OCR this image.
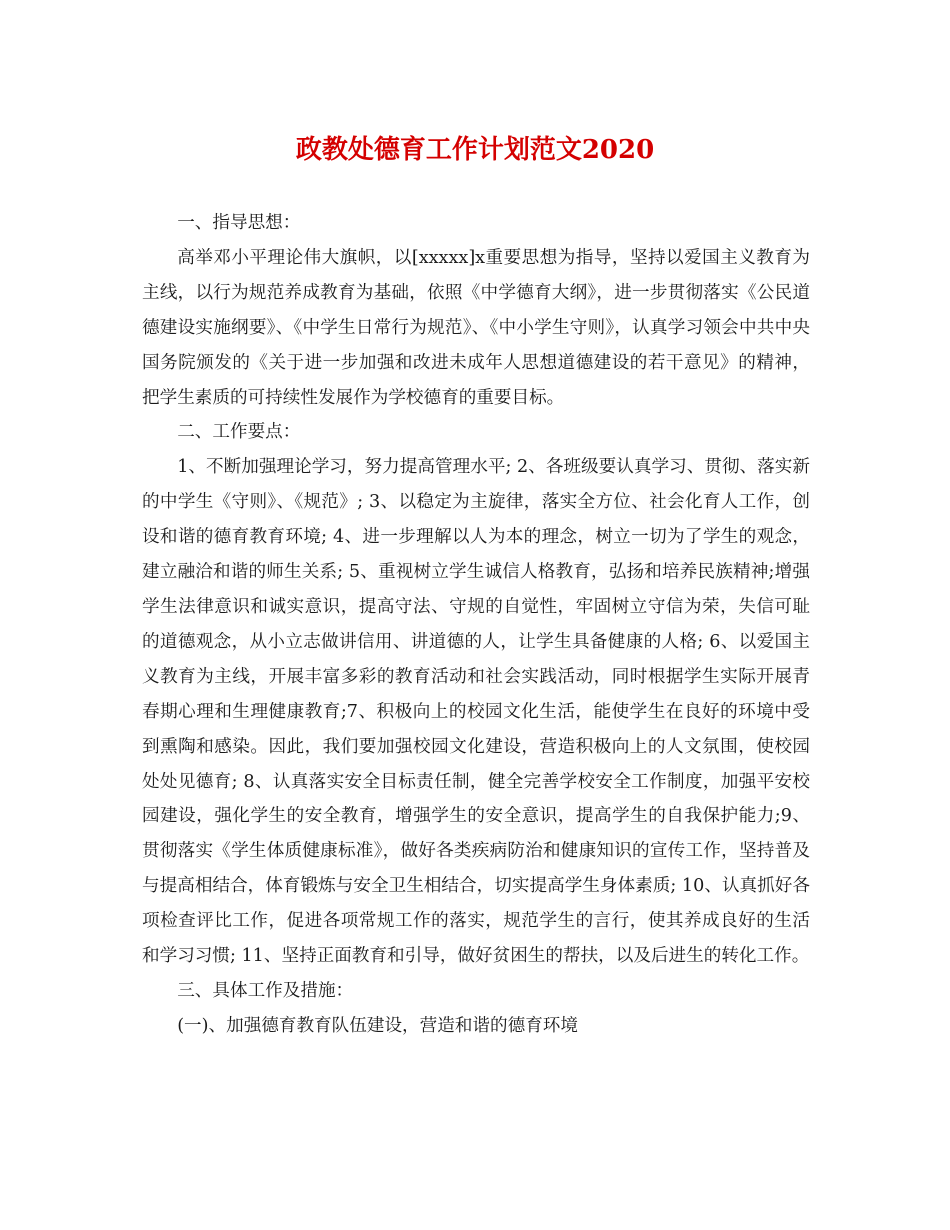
政教处德育工作计划范文2020

一、指导思想：

高举邓小平理论伟大旗帜，以[xxxxx]x重要思想为指导，坚持以爱国主义教育为主线，以行为规范养成教育为基础，依照《中学德育大纲》，进一步贯彻落实《公民道德建设实施纲要》、《中学生日常行为规范》、《中小学生守则》，认真学习领会中共中央国务院颁发的《关于进一步加强和改进未成年人思想道德建设的若干意见》的精神，把学生素质的可持续性发展作为学校德育的重要目标。

二、工作要点：

1、不断加强理论学习，努力提高管理水平; 2、各班级要认真学习、贯彻、落实新的中学生《守则》、《规范》; 3、以稳定为主旋律，落实全方位、社会化育人工作，创设和谐的德育教育环境; 4、进一步理解以人为本的理念，树立一切为了学生的观念，建立融洽和谐的师生关系; 5、重视树立学生诚信人格教育，弘扬和培养民族精神;增强学生法律意识和诚实意识，提高守法、守规的自觉性，牢固树立守信为荣，失信可耻的道德观念，从小立志做讲信用、讲道德的人，让学生具备健康的人格; 6、以爱国主义教育为主线，开展丰富多彩的教育活动和社会实践活动，同时根据学生实际开展青春期心理和生理健康教育;7、积极向上的校园文化生活，能使学生在良好的环境中受到熏陶和感染。因此，我们要加强校园文化建设，营造积极向上的人文氛围，使校园处处见德育; 8、认真落实安全目标责任制，健全完善学校安全工作制度，加强平安校园建设，强化学生的安全教育，增强学生的安全意识，提高学生的自我保护能力;9、贯彻落实《学生体质健康标准》，做好各类疾病防治和健康知识的宣传工作，坚持普及与提高相结合，体育锻炼与安全卫生相结合，切实提高学生身体素质; 10、认真抓好各项检查评比工作，促进各项常规工作的落实，规范学生的言行，使其养成良好的生活和学习习惯; 11、坚持正面教育和引导，做好贫困生的帮扶，以及后进生的转化工作。

三、具体工作及措施：

(一)、加强德育教育队伍建设，营造和谐的德育环境
